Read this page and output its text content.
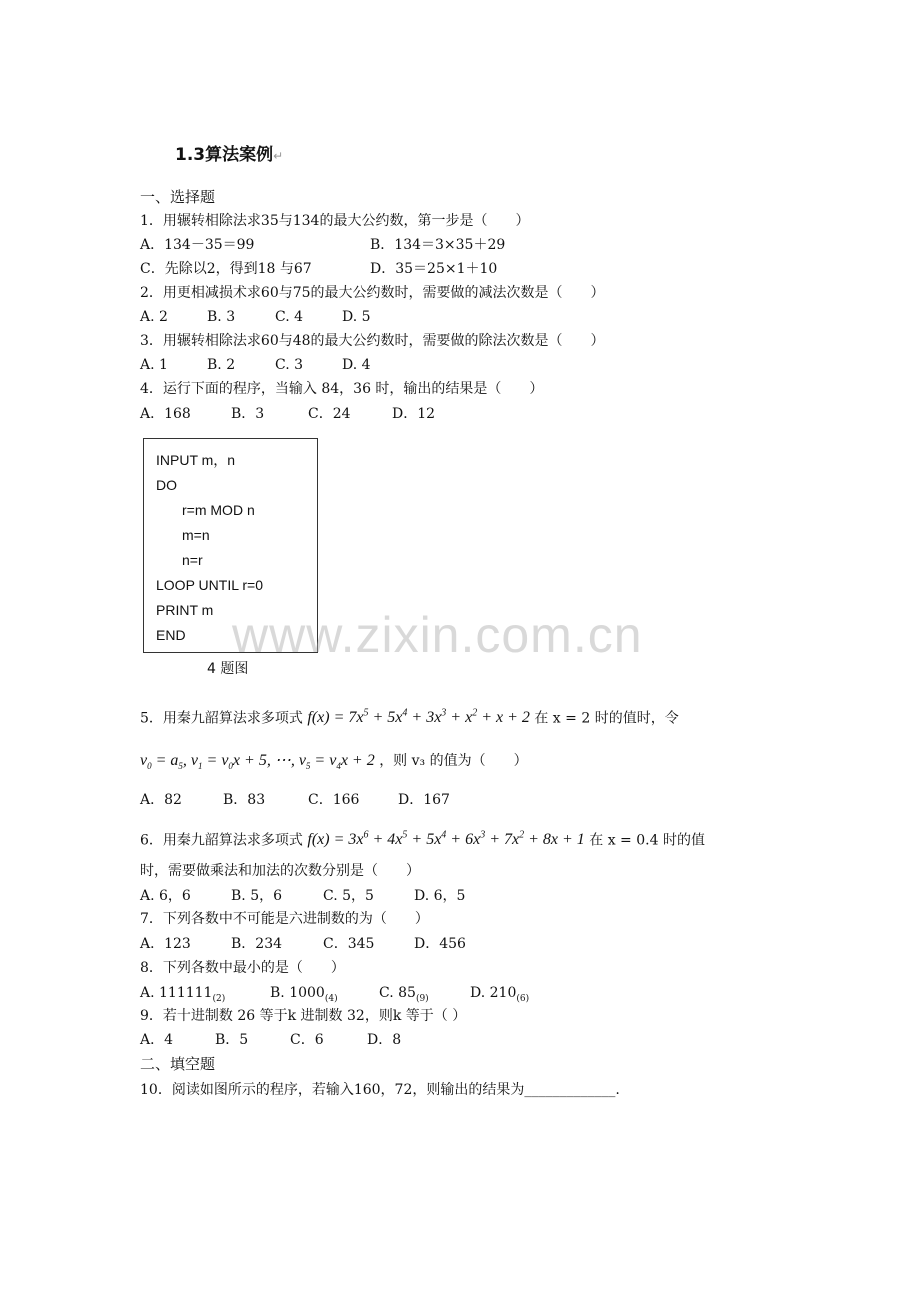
1.3算法案例↵
一、选择题
1．用辗转相除法求35与134的最大公约数，第一步是（　　）
A．134－35＝99	B．134＝3×35＋29
C．先除以2，得到18 与67	D．35＝25×1＋10
2．用更相减损术求60与75的最大公约数时，需要做的减法次数是（　　）
A. 2	B. 3	C. 4	D. 5
3．用辗转相除法求60与48的最大公约数时，需要做的除法次数是（　　）
A. 1	B. 2	C. 3	D. 4
4．运行下面的程序，当输入 84，36 时，输出的结果是（　　）
A．168	B．3	C．24	D．12
INPUT m，n
DO
r=m MOD n
m=n
n=r
LOOP UNTIL r=0
PRINT m
END
4 题图
www.zixin.com.cn
5．用秦九韶算法求多项式 $f(x) = 7x^5 + 5x^4 + 3x^3 + x^2 + x + 2$ 在 x = 2 时的值时，令
$v_0 = a_5$, $v_1 = v_0x + 5$, ⋯, $v_5 = v_4x + 2$ ，则 v₃ 的值为（　　）
A．82	B．83	C．166	D．167
6．用秦九韶算法求多项式 $f(x) = 3x^6 + 4x^5 + 5x^4 + 6x^3 + 7x^2 + 8x + 1$ 在 x = 0.4 时的值
时，需要做乘法和加法的次数分别是（　　）
A. 6，6	B. 5，6	C. 5，5	D. 6，5
7．下列各数中不可能是六进制数的为（　　）
A．123	B．234	C．345	D．456
8．下列各数中最小的是（　　）
A. $111111_{(2)}$	B. $1000_{(4)}$	C. $85_{(9)}$	D. $210_{(6)}$
9．若十进制数 26 等于k 进制数 32，则k 等于（ ）
A．4	B．5	C．6	D．8
二、填空题
10．阅读如图所示的程序，若输入160，72，则输出的结果为_____________.
